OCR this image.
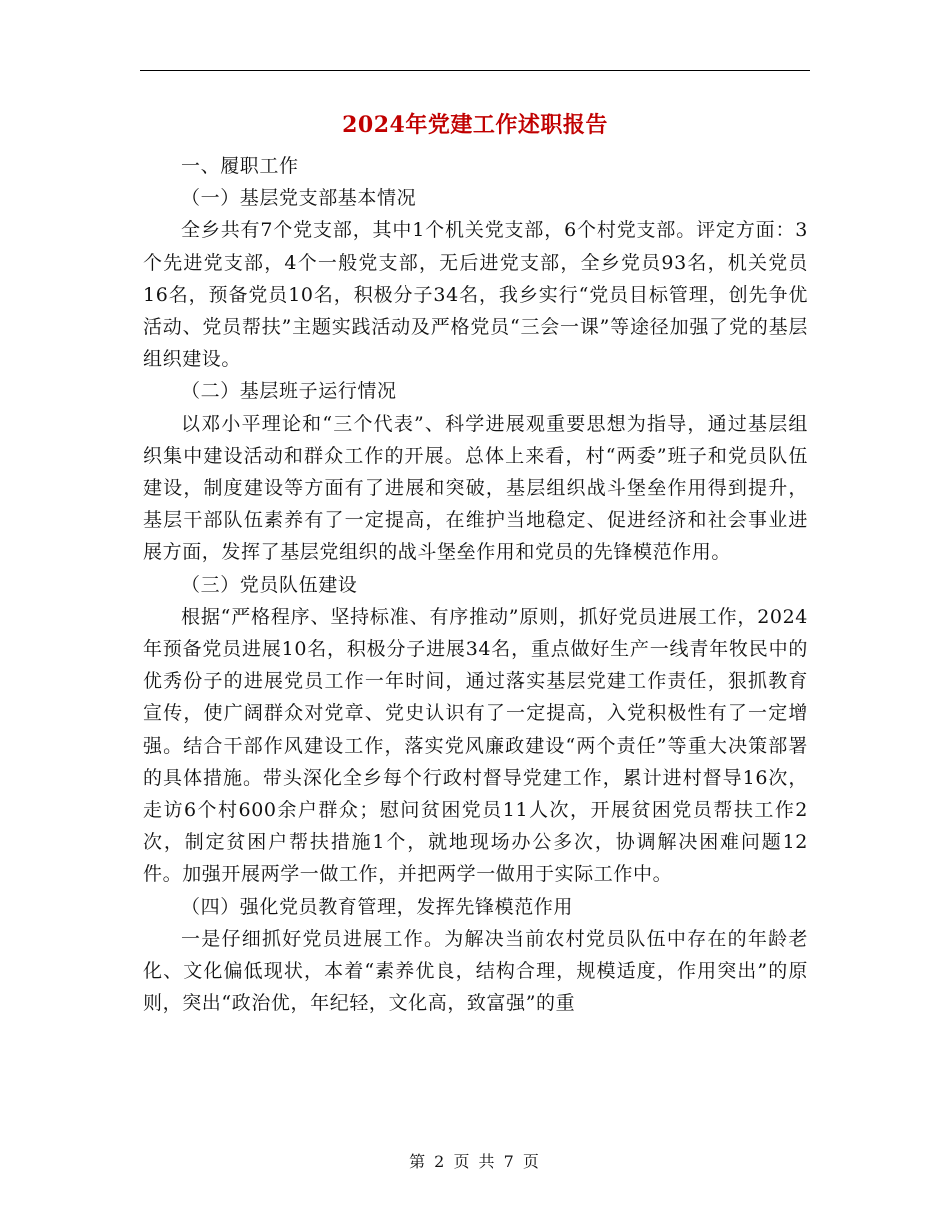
2024年党建工作述职报告

一、履职工作

（一）基层党支部基本情况

全乡共有7个党支部，其中1个机关党支部，6个村党支部。评定方面：3个先进党支部，4个一般党支部，无后进党支部，全乡党员93名，机关党员16名，预备党员10名，积极分子34名，我乡实行“党员目标管理，创先争优活动、党员帮扶”主题实践活动及严格党员“三会一课”等途径加强了党的基层组织建设。

（二）基层班子运行情况

以邓小平理论和“三个代表”、科学进展观重要思想为指导，通过基层组织集中建设活动和群众工作的开展。总体上来看，村“两委”班子和党员队伍建设，制度建设等方面有了进展和突破，基层组织战斗堡垒作用得到提升，基层干部队伍素养有了一定提高，在维护当地稳定、促进经济和社会事业进展方面，发挥了基层党组织的战斗堡垒作用和党员的先锋模范作用。

（三）党员队伍建设

根据“严格程序、坚持标准、有序推动”原则，抓好党员进展工作，2024年预备党员进展10名，积极分子进展34名，重点做好生产一线青年牧民中的优秀份子的进展党员工作一年时间，通过落实基层党建工作责任，狠抓教育宣传，使广阔群众对党章、党史认识有了一定提高，入党积极性有了一定增强。结合干部作风建设工作，落实党风廉政建设“两个责任”等重大决策部署的具体措施。带头深化全乡每个行政村督导党建工作，累计进村督导16次，走访6个村600余户群众；慰问贫困党员11人次，开展贫困党员帮扶工作2次，制定贫困户帮扶措施1个，就地现场办公多次，协调解决困难问题12件。加强开展两学一做工作，并把两学一做用于实际工作中。

（四）强化党员教育管理，发挥先锋模范作用

一是仔细抓好党员进展工作。为解决当前农村党员队伍中存在的年龄老化、文化偏低现状，本着“素养优良，结构合理，规模适度，作用突出”的原则，突出“政治优，年纪轻，文化高，致富强”的重

第 2 页 共 7 页
